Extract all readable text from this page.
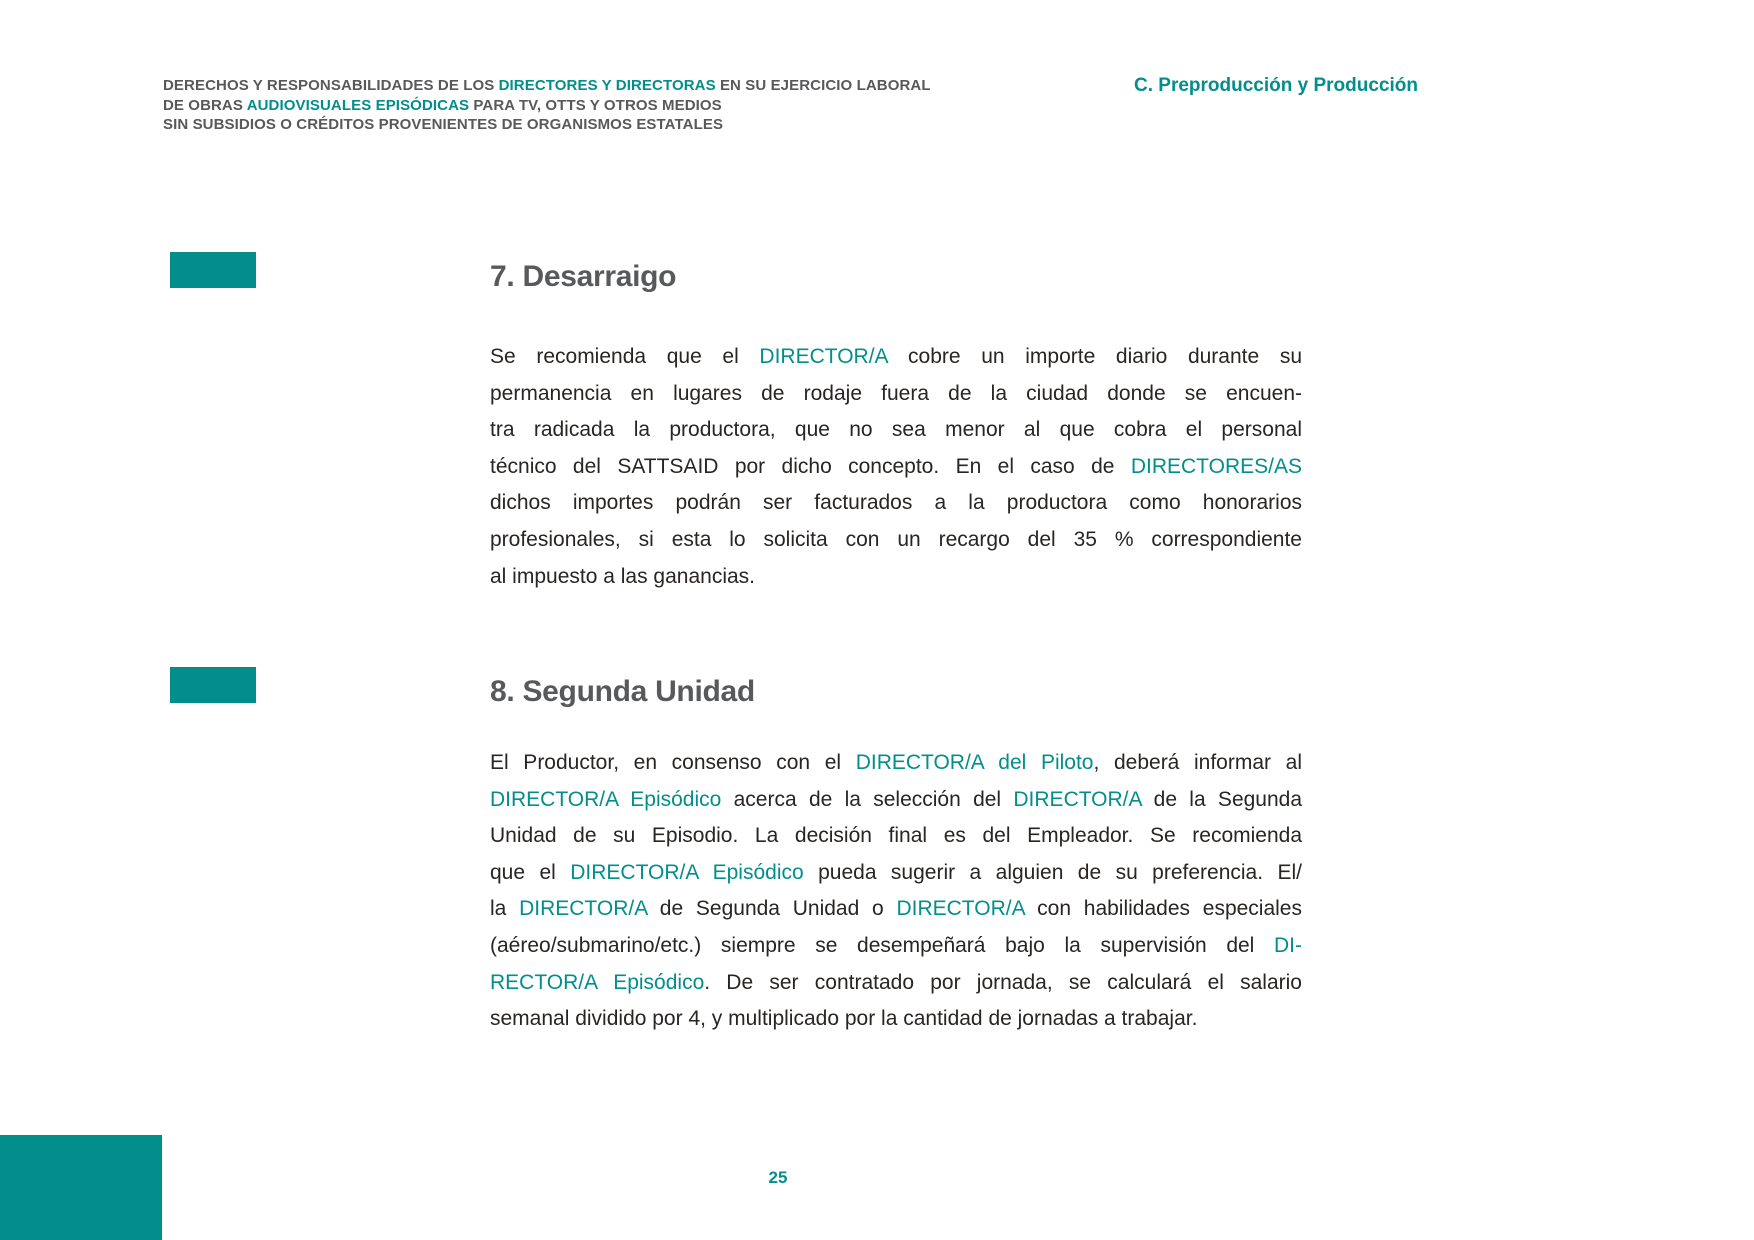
DERECHOS Y RESPONSABILIDADES DE LOS DIRECTORES Y DIRECTORAS EN SU EJERCICIO LABORAL
DE OBRAS AUDIOVISUALES EPISÓDICAS PARA TV, OTTS Y OTROS MEDIOS
SIN SUBSIDIOS O CRÉDITOS PROVENIENTES DE ORGANISMOS ESTATALES
C. Preproducción y Producción
7. Desarraigo
Se recomienda que el DIRECTOR/A cobre un importe diario durante su
permanencia en lugares de rodaje fuera de la ciudad donde se encuen-
tra radicada la productora, que no sea menor al que cobra el personal
técnico del SATTSAID por dicho concepto. En el caso de DIRECTORES/AS
dichos importes podrán ser facturados a la productora como honorarios
profesionales, si esta lo solicita con un recargo del 35 % correspondiente
al impuesto a las ganancias.
8. Segunda Unidad
El Productor, en consenso con el DIRECTOR/A del Piloto, deberá informar al
DIRECTOR/A Episódico acerca de la selección del DIRECTOR/A de la Segunda
Unidad de su Episodio. La decisión final es del Empleador. Se recomienda
que el DIRECTOR/A Episódico pueda sugerir a alguien de su preferencia. El/
la DIRECTOR/A de Segunda Unidad o DIRECTOR/A con habilidades especiales
(aéreo/submarino/etc.) siempre se desempeñará bajo la supervisión del DI-
RECTOR/A Episódico. De ser contratado por jornada, se calculará el salario
semanal dividido por 4, y multiplicado por la cantidad de jornadas a trabajar.
25
